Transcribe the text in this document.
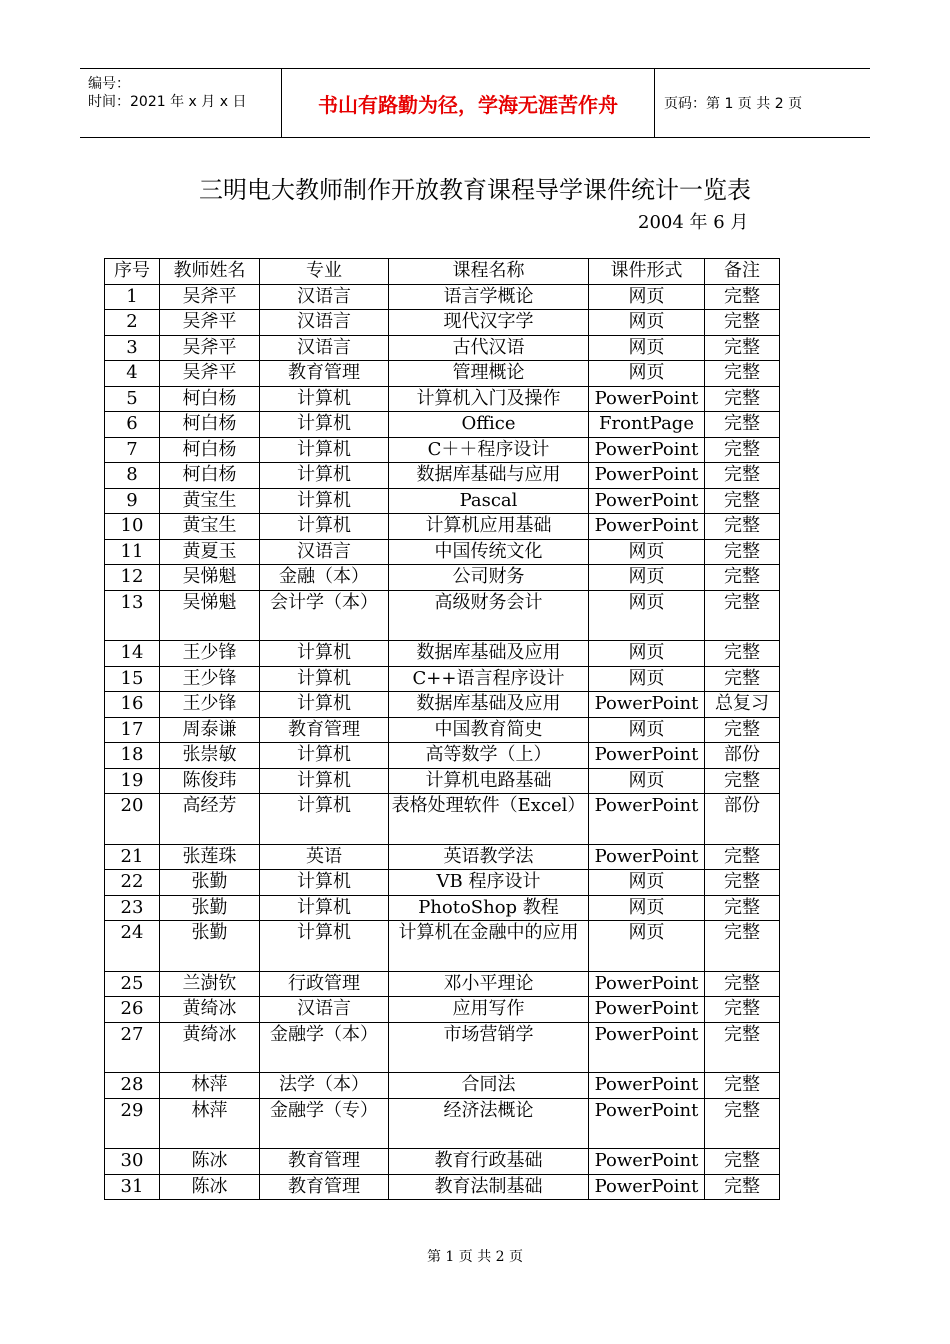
编号：
时间：2021 年 x 月 x 日	书山有路勤为径，学海无涯苦作舟	页码：第 1 页 共 2 页
三明电大教师制作开放教育课程导学课件统计一览表
2004 年 6 月
序号	教师姓名	专业	课程名称	课件形式	备注
1	吴斧平	汉语言	语言学概论	网页	完整
2	吴斧平	汉语言	现代汉字学	网页	完整
3	吴斧平	汉语言	古代汉语	网页	完整
4	吴斧平	教育管理	管理概论	网页	完整
5	柯白杨	计算机	计算机入门及操作	PowerPoint	完整
6	柯白杨	计算机	Office	FrontPage	完整
7	柯白杨	计算机	C＋＋程序设计	PowerPoint	完整
8	柯白杨	计算机	数据库基础与应用	PowerPoint	完整
9	黄宝生	计算机	Pascal	PowerPoint	完整
10	黄宝生	计算机	计算机应用基础	PowerPoint	完整
11	黄夏玉	汉语言	中国传统文化	网页	完整
12	吴悌魁	金融（本）	公司财务	网页	完整
13	吴悌魁	会计学（本）	高级财务会计	网页	完整
14	王少锋	计算机	数据库基础及应用	网页	完整
15	王少锋	计算机	C++语言程序设计	网页	完整
16	王少锋	计算机	数据库基础及应用	PowerPoint	总复习
17	周泰谦	教育管理	中国教育简史	网页	完整
18	张崇敏	计算机	高等数学（上）	PowerPoint	部份
19	陈俊玮	计算机	计算机电路基础	网页	完整
20	高经芳	计算机	表格处理软件（Excel）	PowerPoint	部份
21	张莲珠	英语	英语教学法	PowerPoint	完整
22	张勤	计算机	VB 程序设计	网页	完整
23	张勤	计算机	PhotoShop 教程	网页	完整
24	张勤	计算机	计算机在金融中的应用	网页	完整
25	兰澍钦	行政管理	邓小平理论	PowerPoint	完整
26	黄绮冰	汉语言	应用写作	PowerPoint	完整
27	黄绮冰	金融学（本）	市场营销学	PowerPoint	完整
28	林萍	法学（本）	合同法	PowerPoint	完整
29	林萍	金融学（专）	经济法概论	PowerPoint	完整
30	陈冰	教育管理	教育行政基础	PowerPoint	完整
31	陈冰	教育管理	教育法制基础	PowerPoint	完整
第 1 页 共 2 页
